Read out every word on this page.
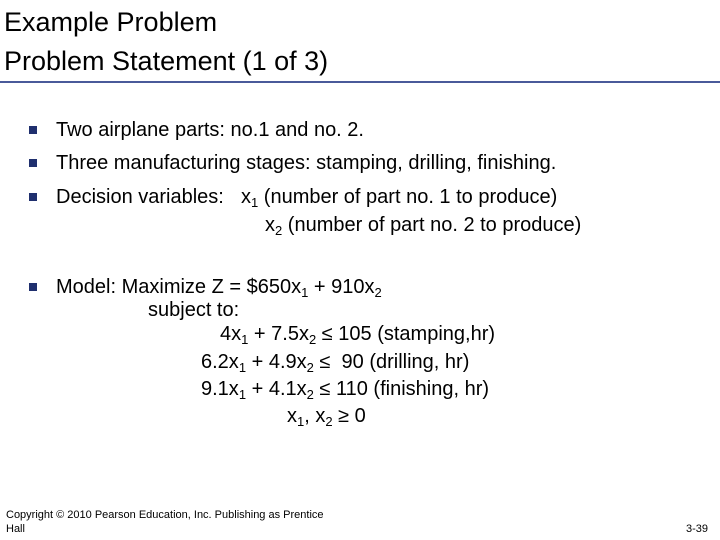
Example Problem
Problem Statement (1 of 3)
Two airplane parts: no.1 and no. 2.
Three manufacturing stages: stamping, drilling, finishing.
Decision variables: $x_1$ (number of part no. 1 to produce)
$x_2$ (number of part no. 2 to produce)
Model: Maximize $Z = \$650x_1 + 910x_2$
subject to:
$4x_1 + 7.5x_2 \le 105$ (stamping,hr)
$6.2x_1 + 4.9x_2 \le 90$ (drilling, hr)
$9.1x_1 + 4.1x_2 \le 110$ (finishing, hr)
$x_1$, $x_2 \ge 0$
Copyright © 2010 Pearson Education, Inc. Publishing as Prentice Hall	3-39
